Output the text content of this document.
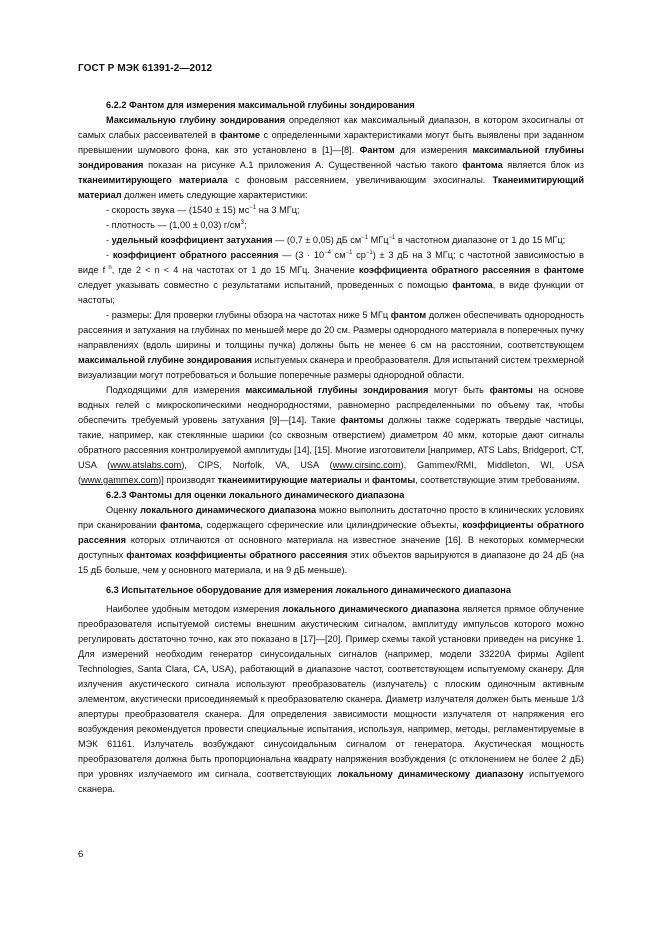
ГОСТ Р МЭК 61391-2—2012
6.2.2 Фантом для измерения максимальной глубины зондирования

Максимальную глубину зондирования определяют как максимальный диапазон, в котором эхосигналы от самых слабых рассеивателей в фантоме с определенными характеристиками могут быть выявлены при заданном превышении шумового фона, как это установлено в [1]—[8]. Фантом для измерения максимальной глубины зондирования показан на рисунке А.1 приложения А. Существенной частью такого фантома является блок из тканеимитирующего материала с фоновым рассеянием, увеличивающим эхосигналы. Тканеимитирующий материал должен иметь следующие характеристики:

- скорость звука — (1540 ± 15) $мс^{-1}$ на 3 МГц;

- плотность — (1,00 ± 0,03) $г/см^3$;

- удельный коэффициент затухания — (0,7 ± 0,05) дБ $см^{-1}$ МГц$^{-1}$ в частотном диапазоне от 1 до 15 МГц;

- коэффициент обратного рассеяния — ($3 \cdot 10^{-4}$ $см^{-1}$ $ср^{-1}) \pm 3$ дБ на 3 МГц; с частотной зависимостью в виде f $^n$, где 2 < n < 4 на частотах от 1 до 15 МГц. Значение коэффициента обратного рассеяния в фантоме следует указывать совместно с результатами испытаний, проведенных с помощью фантома, в виде функции от частоты;

- размеры: Для проверки глубины обзора на частотах ниже 5 МГц фантом должен обеспечивать однородность рассеяния и затухания на глубинах по меньшей мере до 20 см. Размеры однородного материала в поперечных пучку направлениях (вдоль ширины и толщины пучка) должны быть не менее 6 см на расстоянии, соответствующем максимальной глубине зондирования испытуемых сканера и преобразователя. Для испытаний систем трехмерной визуализации могут потребоваться и большие поперечные размеры однородной области.

Подходящими для измерения максимальной глубины зондирования могут быть фантомы на основе водных гелей с микроскопическими неоднородностями, равномерно распределенными по объему так, чтобы обеспечить требуемый уровень затухания [9]—[14]. Такие фантомы должны также содержать твердые частицы, такие, например, как стеклянные шарики (со сквозным отверстием) диаметром 40 мкм, которые дают сигналы обратного рассеяния контролируемой амплитуды [14], [15]. Многие изготовители [например, ATS Labs, Bridgeport, CT, USA (www.atslabs.com), CIPS, Norfolk, VA, USA (www.cirsinc.com), Gammex/RMI, Middleton, WI, USA (www.gammex.com)] производят тканеимитирующие материалы и фантомы, соответствующие этим требованиям.

6.2.3 Фантомы для оценки локального динамического диапазона

Оценку локального динамического диапазона можно выполнить достаточно просто в клинических условиях при сканировании фантома, содержащего сферические или цилиндрические объекты, коэффициенты обратного рассеяния которых отличаются от основного материала на известное значение [16]. В некоторых коммерчески доступных фантомах коэффициенты обратного рассеяния этих объектов варьируются в диапазоне до 24 дБ (на 15 дБ больше, чем у основного материала, и на 9 дБ меньше).

6.3 Испытательное оборудование для измерения локального динамического диапазона

Наиболее удобным методом измерения локального динамического диапазона является прямое облучение преобразователя испытуемой системы внешним акустическим сигналом, амплитуду импульсов которого можно регулировать достаточно точно, как это показано в [17]—[20]. Пример схемы такой установки приведен на рисунке 1. Для измерений необходим генератор синусоидальных сигналов (например, модели 33220A фирмы Agilent Technologies, Santa Clara, CA, USA), работающий в диапазоне частот, соответствующем испытуемому сканеру. Для излучения акустического сигнала используют преобразователь (излучатель) с плоским одиночным активным элементом, акустически присоединяемый к преобразователю сканера. Диаметр излучателя должен быть меньше 1/3 апертуры преобразователя сканера. Для определения зависимости мощности излучателя от напряжения его возбуждения рекомендуется провести специальные испытания, используя, например, методы, регламентируемые в МЭК 61161. Излучатель возбуждают синусоидальным сигналом от генератора. Акустическая мощность преобразователя должна быть пропорциональна квадрату напряжения возбуждения (с отклонением не более 2 дБ) при уровнях излучаемого им сигнала, соответствующих локальному динамическому диапазону испытуемого сканера.

6
